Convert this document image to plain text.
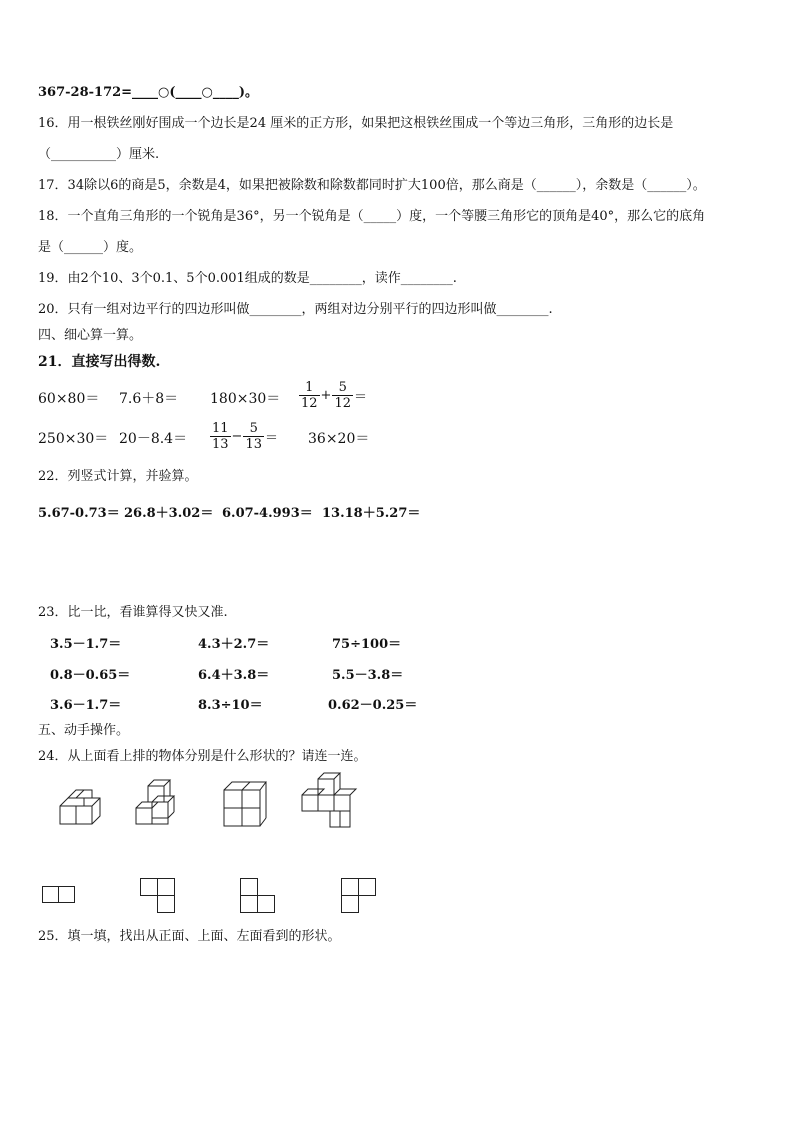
367-28-172=____○(____○____)。
16．用一根铁丝刚好围成一个边长是24 厘米的正方形，如果把这根铁丝围成一个等边三角形，三角形的边长是
（__________）厘米.
17．34除以6的商是5，余数是4，如果把被除数和除数都同时扩大100倍，那么商是（______），余数是（______）。
18．一个直角三角形的一个锐角是36°，另一个锐角是（_____）度，一个等腰三角形它的顶角是40°，那么它的底角
是（______）度。
19．由2个10、3个0.1、5个0.001组成的数是________，读作________.
20．只有一组对边平行的四边形叫做________，两组对边分别平行的四边形叫做________.
四、细心算一算。
21．直接写出得数.
$60\times 80= 7.6+8= 180\times 30= \frac{1}{12} + \frac{5}{12}$ ＝
$250\times 30= 20-8.4= \frac{11}{13} - \frac{5}{13} = 36\times 20=$
22．列竖式计算，并验算。
5.67-0.73＝ 26.8＋3.02＝ 6.07-4.993＝ 13.18＋5.27＝
23．比一比，看谁算得又快又准.
3.5－1.7＝	4.3＋2.7＝	75÷100＝
0.8－0.65＝	6.4＋3.8＝	5.5－3.8＝
3.6－1.7＝	8.3÷10＝	0.62－0.25＝
五、动手操作。
24．从上面看上排的物体分别是什么形状的？请连一连。
25．填一填，找出从正面、上面、左面看到的形状。
